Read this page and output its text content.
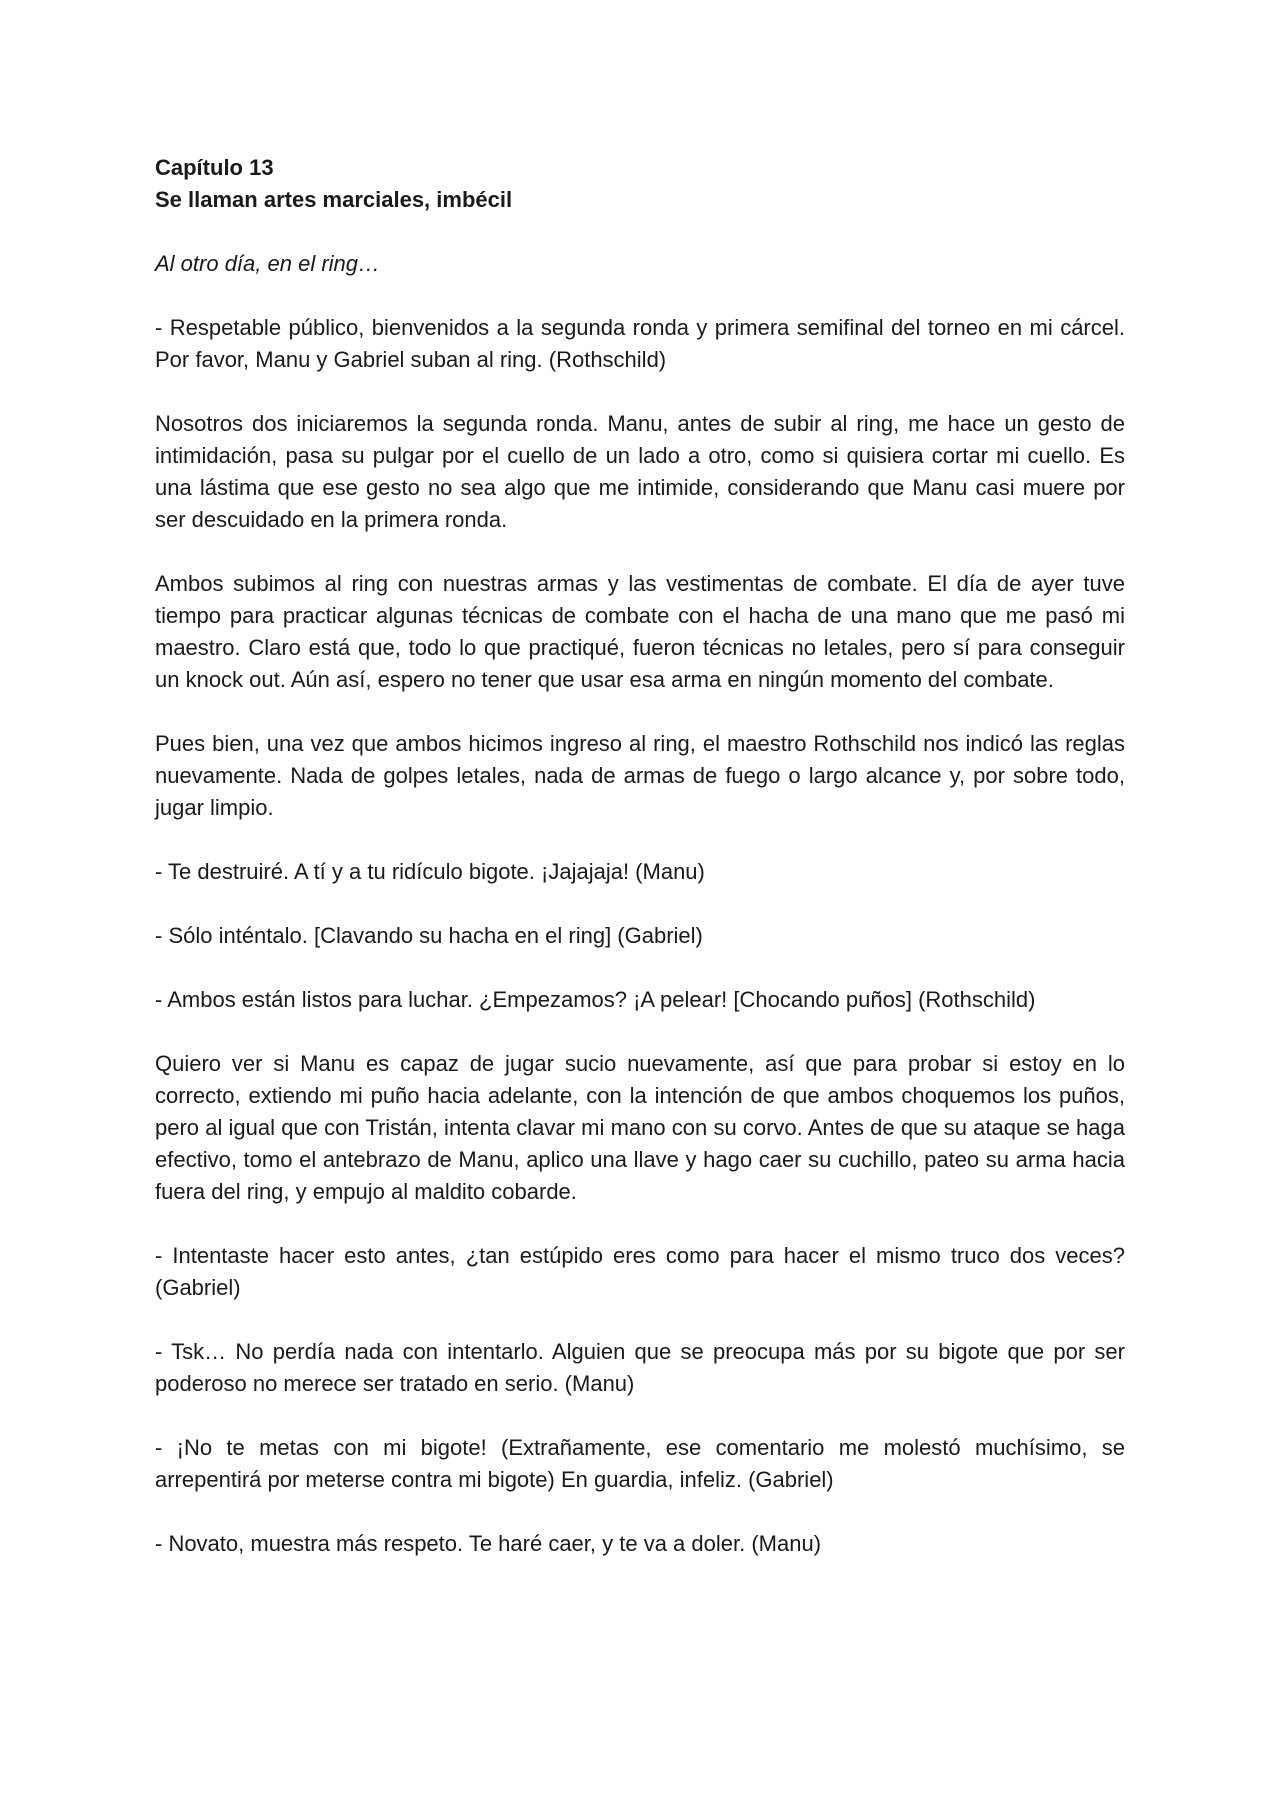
Capítulo 13

Se llaman artes marciales, imbécil

Al otro día, en el ring…

- Respetable público, bienvenidos a la segunda ronda y primera semifinal del torneo en mi cárcel. Por favor, Manu y Gabriel suban al ring. (Rothschild)

Nosotros dos iniciaremos la segunda ronda. Manu, antes de subir al ring, me hace un gesto de intimidación, pasa su pulgar por el cuello de un lado a otro, como si quisiera cortar mi cuello. Es una lástima que ese gesto no sea algo que me intimide, considerando que Manu casi muere por ser descuidado en la primera ronda.

Ambos subimos al ring con nuestras armas y las vestimentas de combate. El día de ayer tuve tiempo para practicar algunas técnicas de combate con el hacha de una mano que me pasó mi maestro. Claro está que, todo lo que practiqué, fueron técnicas no letales, pero sí para conseguir un knock out. Aún así, espero no tener que usar esa arma en ningún momento del combate.

Pues bien, una vez que ambos hicimos ingreso al ring, el maestro Rothschild nos indicó las reglas nuevamente. Nada de golpes letales, nada de armas de fuego o largo alcance y, por sobre todo, jugar limpio.

- Te destruiré. A tí y a tu ridículo bigote. ¡Jajajaja! (Manu)

- Sólo inténtalo. [Clavando su hacha en el ring] (Gabriel)

- Ambos están listos para luchar. ¿Empezamos? ¡A pelear! [Chocando puños] (Rothschild)

Quiero ver si Manu es capaz de jugar sucio nuevamente, así que para probar si estoy en lo correcto, extiendo mi puño hacia adelante, con la intención de que ambos choquemos los puños, pero al igual que con Tristán, intenta clavar mi mano con su corvo. Antes de que su ataque se haga efectivo, tomo el antebrazo de Manu, aplico una llave y hago caer su cuchillo, pateo su arma hacia fuera del ring, y empujo al maldito cobarde.

- Intentaste hacer esto antes, ¿tan estúpido eres como para hacer el mismo truco dos veces? (Gabriel)

- Tsk… No perdía nada con intentarlo. Alguien que se preocupa más por su bigote que por ser poderoso no merece ser tratado en serio. (Manu)

- ¡No te metas con mi bigote! (Extrañamente, ese comentario me molestó muchísimo, se arrepentirá por meterse contra mi bigote) En guardia, infeliz. (Gabriel)

- Novato, muestra más respeto. Te haré caer, y te va a doler. (Manu)
